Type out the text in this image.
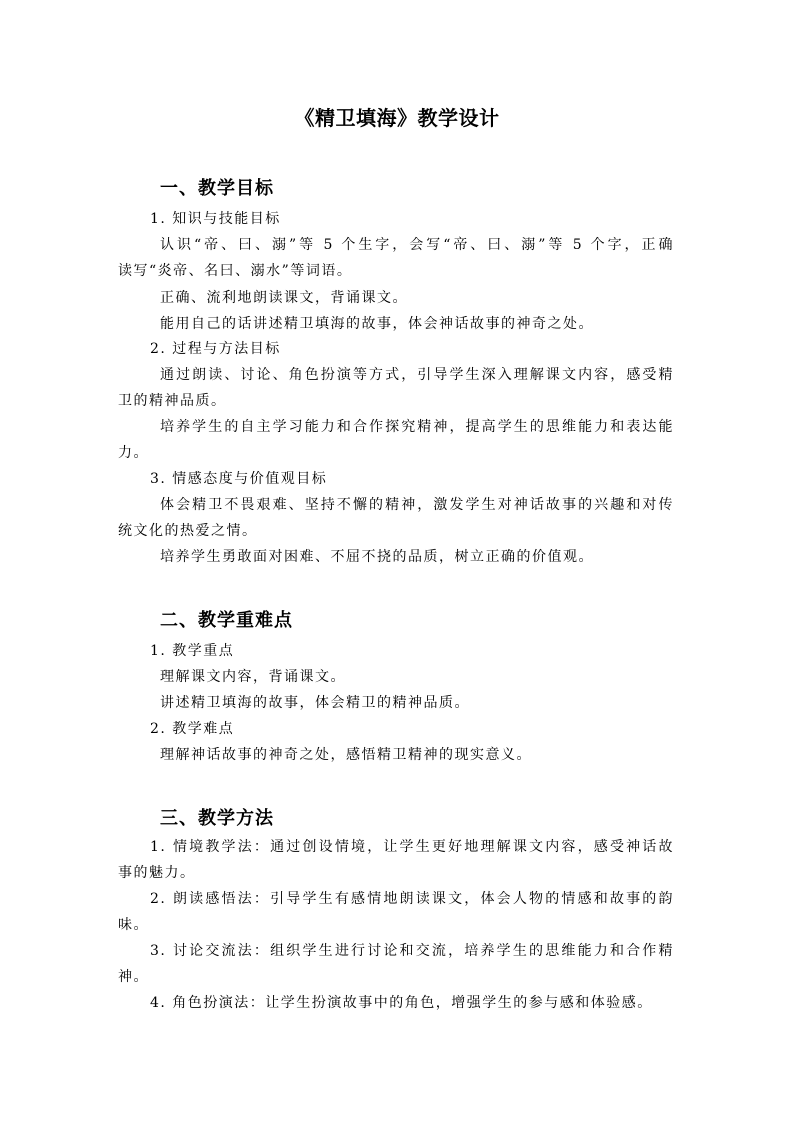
《精卫填海》教学设计
一、教学目标
1. 知识与技能目标
认识“帝、曰、溺”等 5 个生字，会写“帝、曰、溺”等 5 个字，正确
读写“炎帝、名曰、溺水”等词语。
正确、流利地朗读课文，背诵课文。
能用自己的话讲述精卫填海的故事，体会神话故事的神奇之处。
2. 过程与方法目标
通过朗读、讨论、角色扮演等方式，引导学生深入理解课文内容，感受精
卫的精神品质。
培养学生的自主学习能力和合作探究精神，提高学生的思维能力和表达能
力。
3. 情感态度与价值观目标
体会精卫不畏艰难、坚持不懈的精神，激发学生对神话故事的兴趣和对传
统文化的热爱之情。
培养学生勇敢面对困难、不屈不挠的品质，树立正确的价值观。
二、教学重难点
1. 教学重点
理解课文内容，背诵课文。
讲述精卫填海的故事，体会精卫的精神品质。
2. 教学难点
理解神话故事的神奇之处，感悟精卫精神的现实意义。
三、教学方法
1. 情境教学法：通过创设情境，让学生更好地理解课文内容，感受神话故
事的魅力。
2. 朗读感悟法：引导学生有感情地朗读课文，体会人物的情感和故事的韵
味。
3. 讨论交流法：组织学生进行讨论和交流，培养学生的思维能力和合作精
神。
4. 角色扮演法：让学生扮演故事中的角色，增强学生的参与感和体验感。
